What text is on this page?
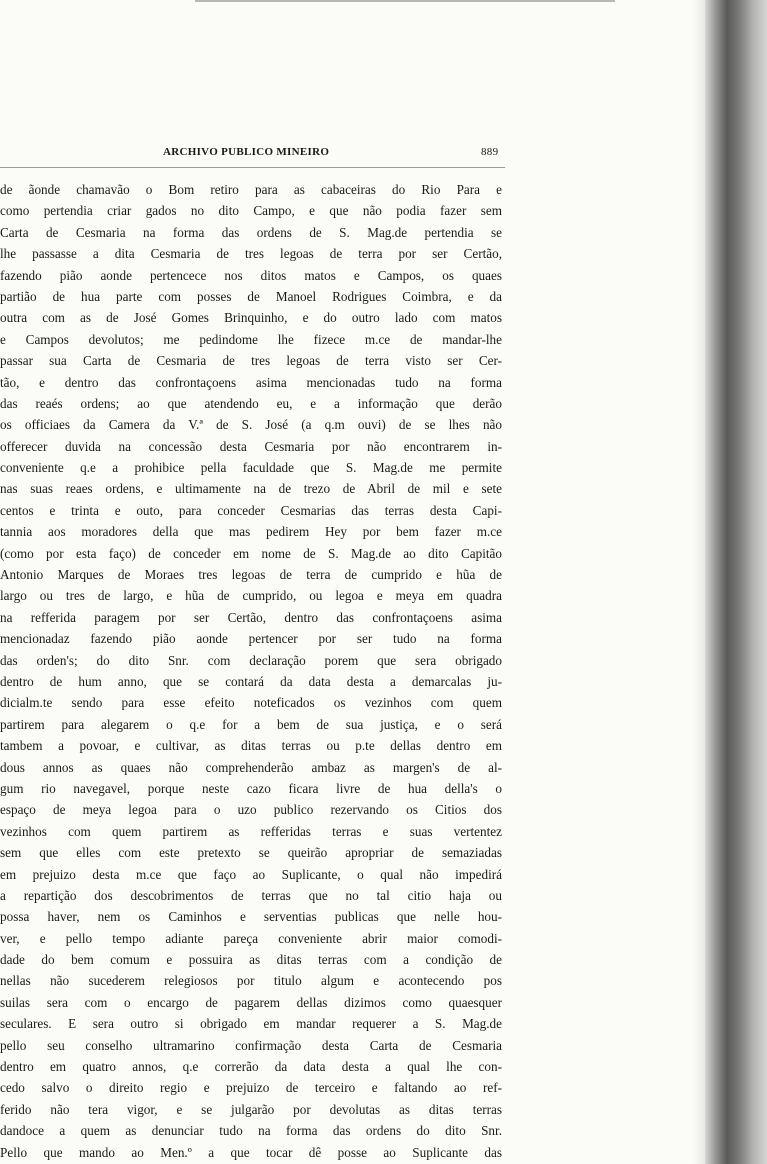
ARCHIVO PUBLICO MINEIRO	889
de ãonde chamavão o Bom retiro para as cabaceiras do Rio Para e
como pertendia criar gados no dito Campo, e que não podia fazer sem
Carta de Cesmaria na forma das ordens de S. Mag.de pertendia se
lhe passasse a dita Cesmaria de tres legoas de terra por ser Certão,
fazendo pião aonde pertencece nos ditos matos e Campos, os quaes
partião de hua parte com posses de Manoel Rodrigues Coimbra, e da
outra com as de José Gomes Brinquinho, e do outro lado com matos
e Campos devolutos; me pedindome lhe fizece m.ce de mandar-lhe
passar sua Carta de Cesmaria de tres legoas de terra visto ser Cer-
tão, e dentro das confrontaçoens asima mencionadas tudo na forma
das reaés ordens; ao que atendendo eu, e a informação que derão
os officiaes da Camera da V.ª de S. José (a q.m ouvi) de se lhes não
offerecer duvida na concessão desta Cesmaria por não encontrarem in-
conveniente q.e a prohibice pella faculdade que S. Mag.de me permite
nas suas reaes ordens, e ultimamente na de trezo de Abril de mil e sete
centos e trinta e outo, para conceder Cesmarias das terras desta Capi-
tannia aos moradores della que mas pedirem Hey por bem fazer m.ce
(como por esta faço) de conceder em nome de S. Mag.de ao dito Capitão
Antonio Marques de Moraes tres legoas de terra de cumprido e hũa de
largo ou tres de largo, e hũa de cumprido, ou legoa e meya em quadra
na refferida paragem por ser Certão, dentro das confrontaçoens asima
mencionadaz fazendo pião aonde pertencer por ser tudo na forma
das orden's; do dito Snr. com declaração porem que sera obrigado
dentro de hum anno, que se contará da data desta a demarcalas ju-
dicialm.te sendo para esse efeito noteficados os vezinhos com quem
partirem para alegarem o q.e for a bem de sua justiça, e o será
tambem a povoar, e cultivar, as ditas terras ou p.te dellas dentro em
dous annos as quaes não comprehenderão ambaz as margen's de al-
gum rio navegavel, porque neste cazo ficara livre de hua della's o
espaço de meya legoa para o uzo publico rezervando os Citios dos
vezinhos com quem partirem as refferidas terras e suas vertentez
sem que elles com este pretexto se queirão apropriar de semaziadas
em prejuizo desta m.ce que faço ao Suplicante, o qual não impedirá
a repartição dos descobrimentos de terras que no tal citio haja ou
possa haver, nem os Caminhos e serventias publicas que nelle hou-
ver, e pello tempo adiante pareça conveniente abrir maior comodi-
dade do bem comum e possuira as ditas terras com a condição de
nellas não sucederem relegiosos por titulo algum e acontecendo pos
suilas sera com o encargo de pagarem dellas dizimos como quaesquer
seculares. E sera outro si obrigado em mandar requerer a S. Mag.de
pello seu conselho ultramarino confirmação desta Carta de Cesmaria
dentro em quatro annos, q.e correrão da data desta a qual lhe con-
cedo salvo o direito regio e prejuizo de terceiro e faltando ao ref-
ferido não tera vigor, e se julgarão por devolutas as ditas terras
dandoce a quem as denunciar tudo na forma das ordens do dito Snr.
Pello que mando ao Men.º a que tocar dê posse ao Suplicante das
